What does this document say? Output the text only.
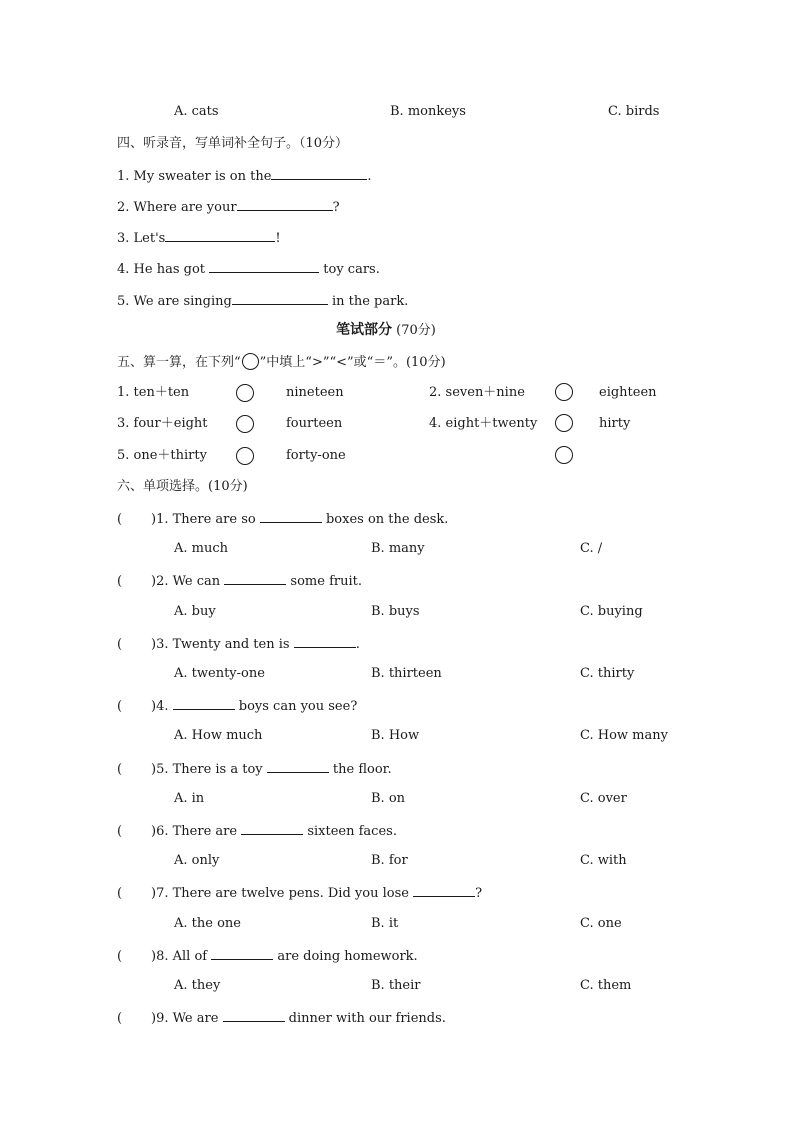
A. cats	B. monkeys	C. birds
四、听录音，写单词补全句子。（10分）
1. My sweater is on the	.
2. Where are your	?
3. Let's	!
4. He has got	toy cars.
5. We are singing	in the park.
笔试部分 (70分)
五、算一算，在下列“ ”中填上“>”“<”或“＝”。(10分)
1. ten＋ten	nineteen	2. seven＋nine	eighteen
3. four＋eight	fourteen	4. eight＋twenty	hirty
5. one＋thirty	forty-one
六、单项选择。(10分)
(       )1. There are so	boxes on the desk.
A. much	B. many	C. /
(       )2. We can	some fruit.
A. buy	B. buys	C. buying
(       )3. Twenty and ten is	.
A. twenty-one	B. thirteen	C. thirty
(       )4.	boys can you see?
A. How much	B. How	C. How many
(       )5. There is a toy	the floor.
A. in	B. on	C. over
(       )6. There are	sixteen faces.
A. only	B. for	C. with
(       )7. There are twelve pens. Did you lose	?
A. the one	B. it	C. one
(       )8. All of	are doing homework.
A. they	B. their	C. them
(       )9. We are	dinner with our friends.
